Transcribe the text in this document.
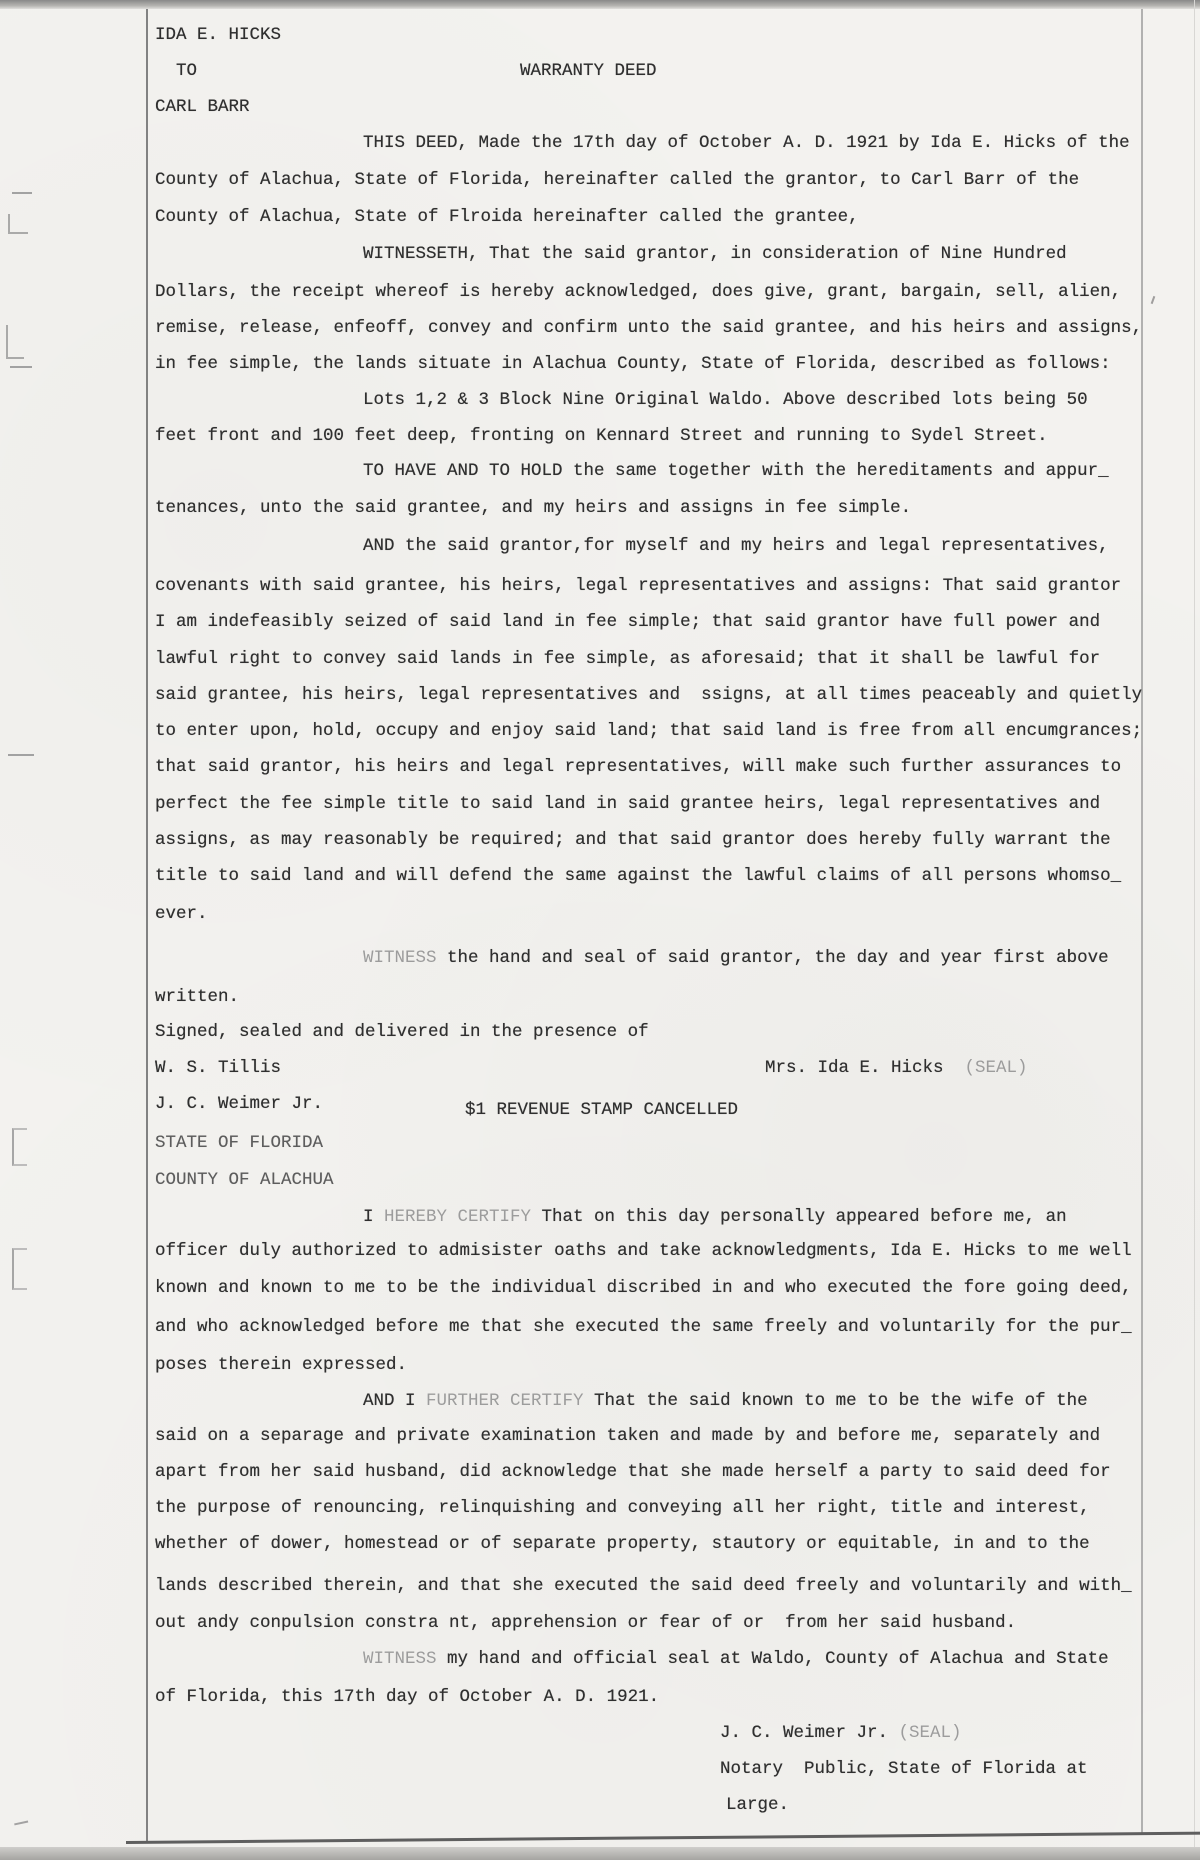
IDA E. HICKS
TO	WARRANTY DEED
CARL BARR
THIS DEED, Made the 17th day of October A. D. 1921 by Ida E. Hicks of the
County of Alachua, State of Florida, hereinafter called the grantor, to Carl Barr of the
County of Alachua, State of Flroida hereinafter called the grantee,
WITNESSETH, That the said grantor, in consideration of Nine Hundred
Dollars, the receipt whereof is hereby acknowledged, does give, grant, bargain, sell, alien,
remise, release, enfeoff, convey and confirm unto the said grantee, and his heirs and assigns,
in fee simple, the lands situate in Alachua County, State of Florida, described as follows:
Lots 1,2 & 3 Block Nine Original Waldo. Above described lots being 50
feet front and 100 feet deep, fronting on Kennard Street and running to Sydel Street.
TO HAVE AND TO HOLD the same together with the hereditaments and appur_
tenances, unto the said grantee, and my heirs and assigns in fee simple.
AND the said grantor,for myself and my heirs and legal representatives,
covenants with said grantee, his heirs, legal representatives and assigns: That said grantor
I am indefeasibly seized of said land in fee simple; that said grantor have full power and
lawful right to convey said lands in fee simple, as aforesaid; that it shall be lawful for
said grantee, his heirs, legal representatives and  ssigns, at all times peaceably and quietly
to enter upon, hold, occupy and enjoy said land; that said land is free from all encumgrances;
that said grantor, his heirs and legal representatives, will make such further assurances to
perfect the fee simple title to said land in said grantee heirs, legal representatives and
assigns, as may reasonably be required; and that said grantor does hereby fully warrant the
title to said land and will defend the same against the lawful claims of all persons whomso_
ever.
WITNESS the hand and seal of said grantor, the day and year first above
written.
Signed, sealed and delivered in the presence of
W. S. Tillis	Mrs. Ida E. Hicks  (SEAL)
J. C. Weimer Jr.	$1 REVENUE STAMP CANCELLED
STATE OF FLORIDA
COUNTY OF ALACHUA
I HEREBY CERTIFY That on this day personally appeared before me, an
officer duly authorized to admisister oaths and take acknowledgments, Ida E. Hicks to me well
known and known to me to be the individual discribed in and who executed the fore going deed,
and who acknowledged before me that she executed the same freely and voluntarily for the pur_
poses therein expressed.
AND I FURTHER CERTIFY That the said known to me to be the wife of the
said on a separage and private examination taken and made by and before me, separately and
apart from her said husband, did acknowledge that she made herself a party to said deed for
the purpose of renouncing, relinquishing and conveying all her right, title and interest,
whether of dower, homestead or of separate property, stautory or equitable, in and to the
lands described therein, and that she executed the said deed freely and voluntarily and with_
out andy conpulsion constra nt, apprehension or fear of or  from her said husband.
WITNESS my hand and official seal at Waldo, County of Alachua and State
of Florida, this 17th day of October A. D. 1921.
J. C. Weimer Jr. (SEAL)
Notary  Public, State of Florida at
Large.
